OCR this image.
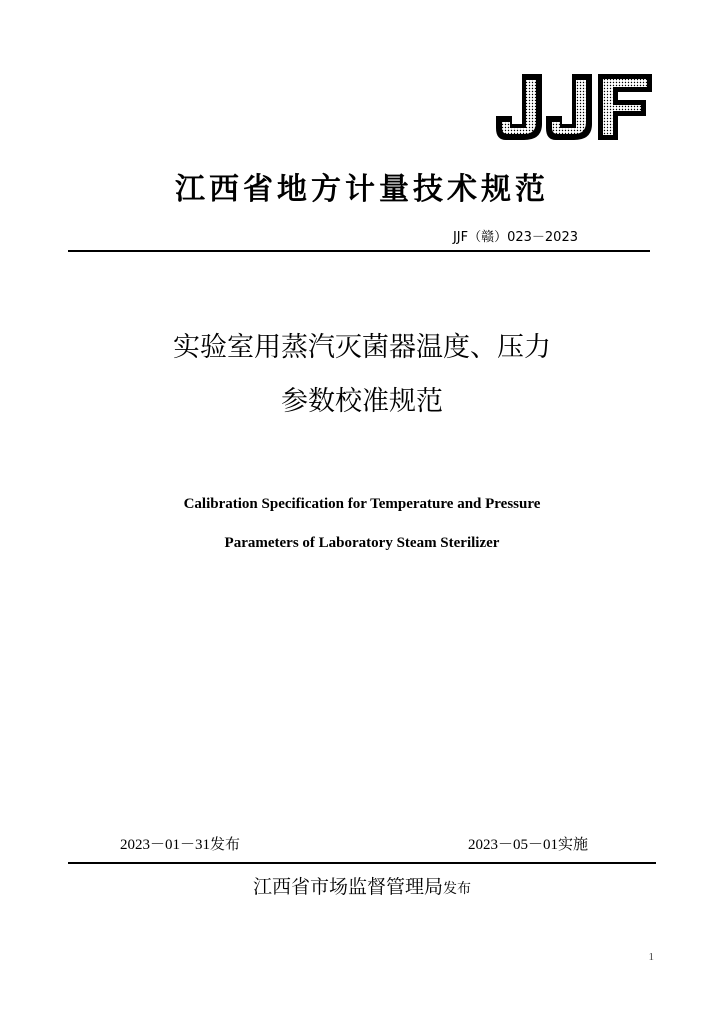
江西省地方计量技术规范
JJF（赣）023－2023
实验室用蒸汽灭菌器温度、压力
参数校准规范
Calibration Specification for Temperature and Pressure
Parameters of Laboratory Steam Sterilizer
2023－01－31发布	2023－05－01实施
江西省市场监督管理局发布
1
